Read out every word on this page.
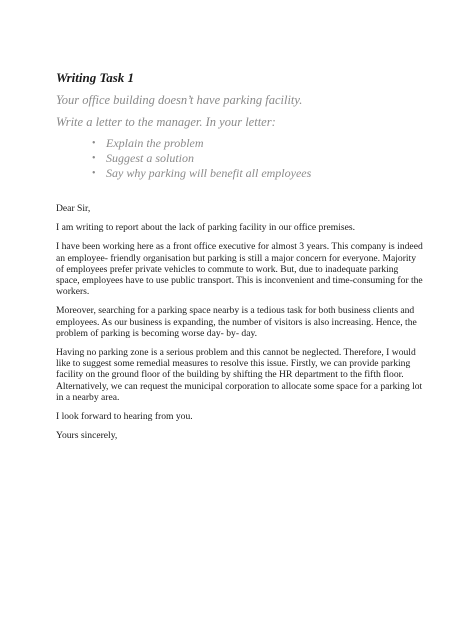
Writing Task 1

Your office building doesn’t have parking facility.

Write a letter to the manager. In your letter:

• Explain the problem
• Suggest a solution
• Say why parking will benefit all employees

Dear Sir,

I am writing to report about the lack of parking facility in our office premises.

I have been working here as a front office executive for almost 3 years. This company is indeed an employee- friendly organisation but parking is still a major concern for everyone. Majority of employees prefer private vehicles to commute to work. But, due to inadequate parking space, employees have to use public transport. This is inconvenient and time-consuming for the workers.

Moreover, searching for a parking space nearby is a tedious task for both business clients and employees. As our business is expanding, the number of visitors is also increasing. Hence, the problem of parking is becoming worse day- by- day.

Having no parking zone is a serious problem and this cannot be neglected. Therefore, I would like to suggest some remedial measures to resolve this issue. Firstly, we can provide parking facility on the ground floor of the building by shifting the HR department to the fifth floor. Alternatively, we can request the municipal corporation to allocate some space for a parking lot in a nearby area.

I look forward to hearing from you.

Yours sincerely,
